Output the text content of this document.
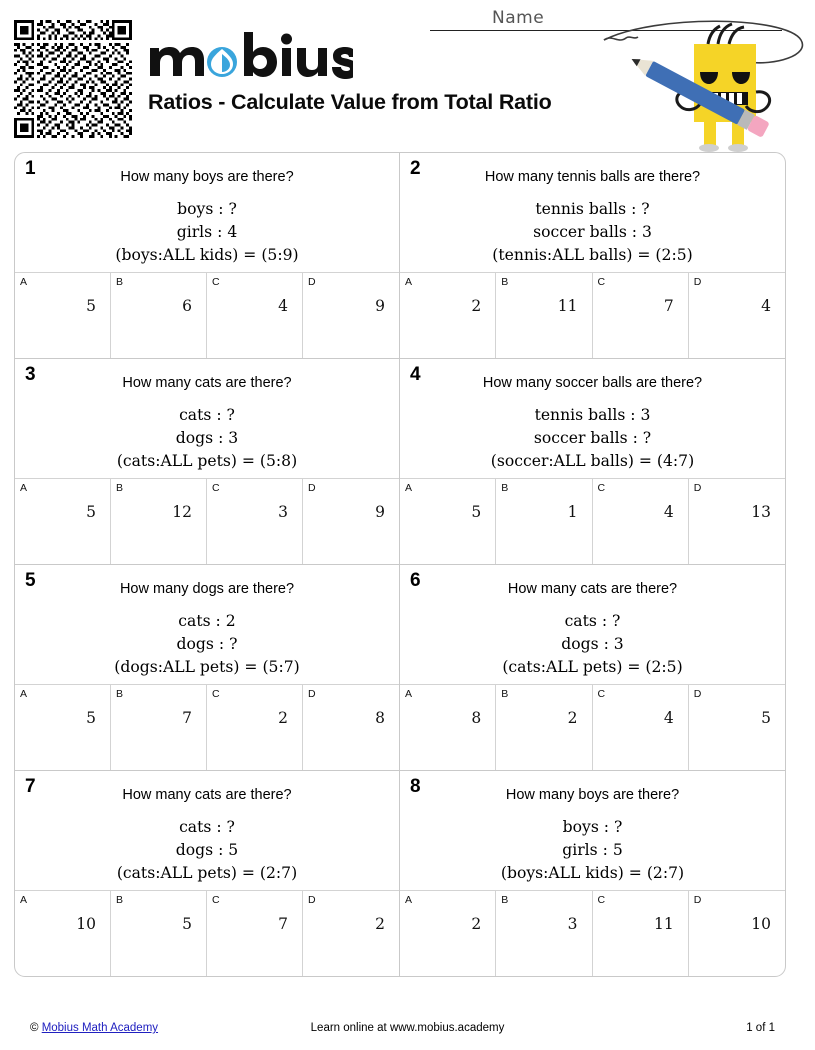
Ratios - Calculate Value from Total Ratio
Name
1	How many boys are there?
boys : ?
girls : 4
(boys:ALL kids) = (5:9)
A
5
B
6
C
4
D
9
2	How many tennis balls are there?
tennis balls : ?
soccer balls : 3
(tennis:ALL balls) = (2:5)
A
2
B
11
C
7
D
4
3	How many cats are there?
cats : ?
dogs : 3
(cats:ALL pets) = (5:8)
A
5
B
12
C
3
D
9
4	How many soccer balls are there?
tennis balls : 3
soccer balls : ?
(soccer:ALL balls) = (4:7)
A
5
B
1
C
4
D
13
5	How many dogs are there?
cats : 2
dogs : ?
(dogs:ALL pets) = (5:7)
A
5
B
7
C
2
D
8
6	How many cats are there?
cats : ?
dogs : 3
(cats:ALL pets) = (2:5)
A
8
B
2
C
4
D
5
7	How many cats are there?
cats : ?
dogs : 5
(cats:ALL pets) = (2:7)
A
10
B
5
C
7
D
2
8	How many boys are there?
boys : ?
girls : 5
(boys:ALL kids) = (2:7)
A
2
B
3
C
11
D
10
© Mobius Math Academy	Learn online at www.mobius.academy	1 of 1
